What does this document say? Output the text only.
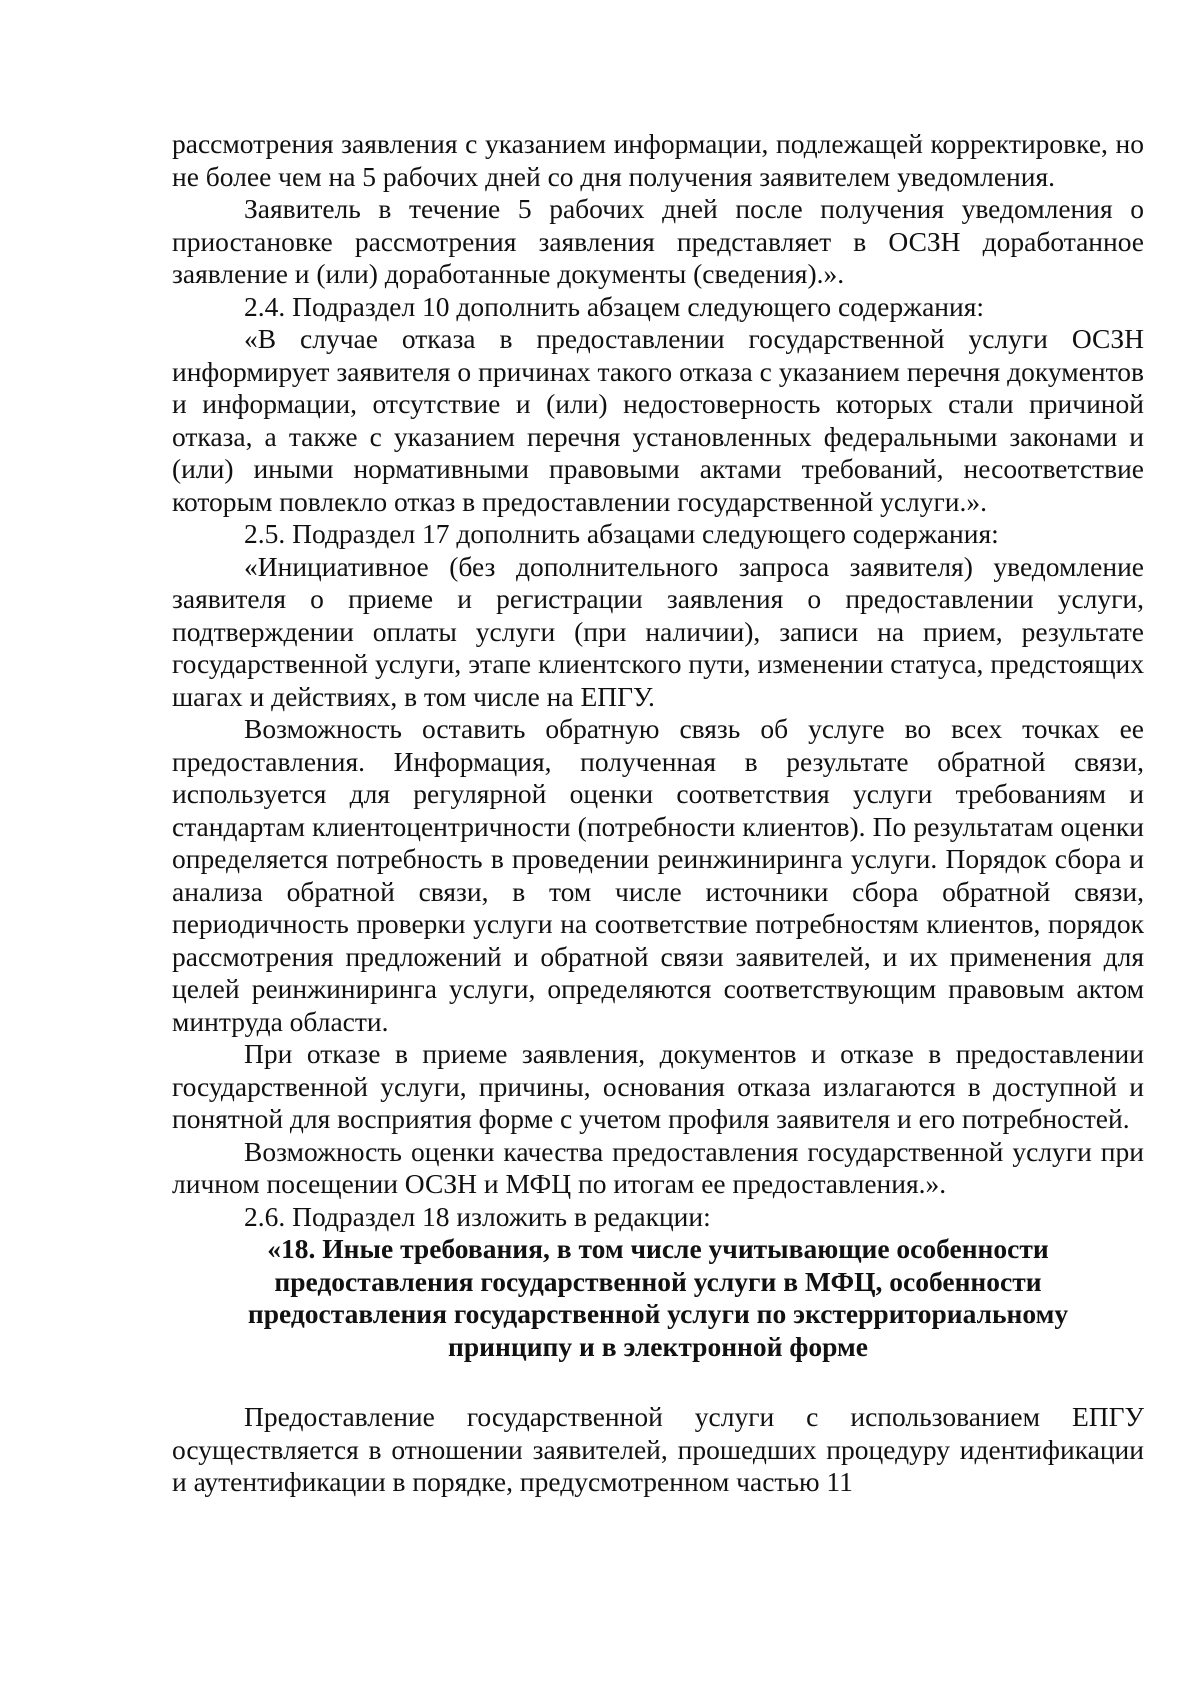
рассмотрения заявления с указанием информации, подлежащей корректировке, но не более чем на 5 рабочих дней со дня получения заявителем уведомления.

Заявитель в течение 5 рабочих дней после получения уведомления о приостановке рассмотрения заявления представляет в ОСЗН доработанное заявление и (или) доработанные документы (сведения).».

2.4. Подраздел 10 дополнить абзацем следующего содержания:

«В случае отказа в предоставлении государственной услуги ОСЗН информирует заявителя о причинах такого отказа с указанием перечня документов и информации, отсутствие и (или) недостоверность которых стали причиной отказа, а также с указанием перечня установленных федеральными законами и (или) иными нормативными правовыми актами требований, несоответствие которым повлекло отказ в предоставлении государственной услуги.».

2.5. Подраздел 17 дополнить абзацами следующего содержания:

«Инициативное (без дополнительного запроса заявителя) уведомление заявителя о приеме и регистрации заявления о предоставлении услуги, подтверждении оплаты услуги (при наличии), записи на прием, результате государственной услуги, этапе клиентского пути, изменении статуса, предстоящих шагах и действиях, в том числе на ЕПГУ.

Возможность оставить обратную связь об услуге во всех точках ее предоставления. Информация, полученная в результате обратной связи, используется для регулярной оценки соответствия услуги требованиям и стандартам клиентоцентричности (потребности клиентов). По результатам оценки определяется потребность в проведении реинжиниринга услуги. Порядок сбора и анализа обратной связи, в том числе источники сбора обратной связи, периодичность проверки услуги на соответствие потребностям клиентов, порядок рассмотрения предложений и обратной связи заявителей, и их применения для целей реинжиниринга услуги, определяются соответствующим правовым актом минтруда области.

При отказе в приеме заявления, документов и отказе в предоставлении государственной услуги, причины, основания отказа излагаются в доступной и понятной для восприятия форме с учетом профиля заявителя и его потребностей.

Возможность оценки качества предоставления государственной услуги при личном посещении ОСЗН и МФЦ по итогам ее предоставления.».

2.6. Подраздел 18 изложить в редакции:

«18. Иные требования, в том числе учитывающие особенности
предоставления государственной услуги в МФЦ, особенности
предоставления государственной услуги по экстерриториальному
принципу и в электронной форме

Предоставление государственной услуги с использованием ЕПГУ осуществляется в отношении заявителей, прошедших процедуру идентификации и аутентификации в порядке, предусмотренном частью 11
